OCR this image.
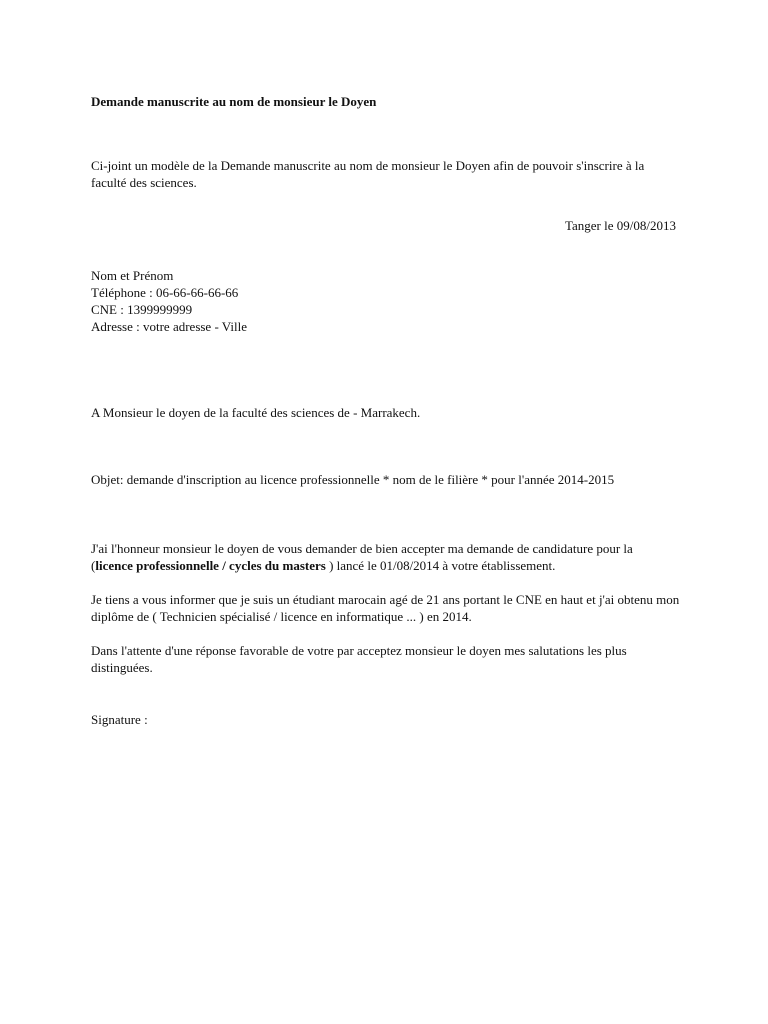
Demande manuscrite au nom de monsieur le Doyen

Ci-joint un modèle de la Demande manuscrite au nom de monsieur le Doyen afin de pouvoir s'inscrire à la
faculté des sciences.

Tanger le 09/08/2013

Nom et Prénom
Téléphone : 06-66-66-66-66
CNE : 1399999999
Adresse : votre adresse - Ville

A Monsieur le doyen de la faculté des sciences de - Marrakech.

Objet: demande d'inscription au licence professionnelle * nom de le filière * pour l'année 2014-2015

J'ai l'honneur monsieur le doyen de vous demander de bien accepter ma demande de candidature pour la
(licence professionnelle / cycles du masters ) lancé le 01/08/2014 à votre établissement.

Je tiens a vous informer que je suis un étudiant marocain agé de 21 ans portant le CNE en haut et j'ai obtenu mon
diplôme de ( Technicien spécialisé / licence en informatique ... ) en 2014.

Dans l'attente d'une réponse favorable de votre par acceptez monsieur le doyen mes salutations les plus
distinguées.

Signature :
